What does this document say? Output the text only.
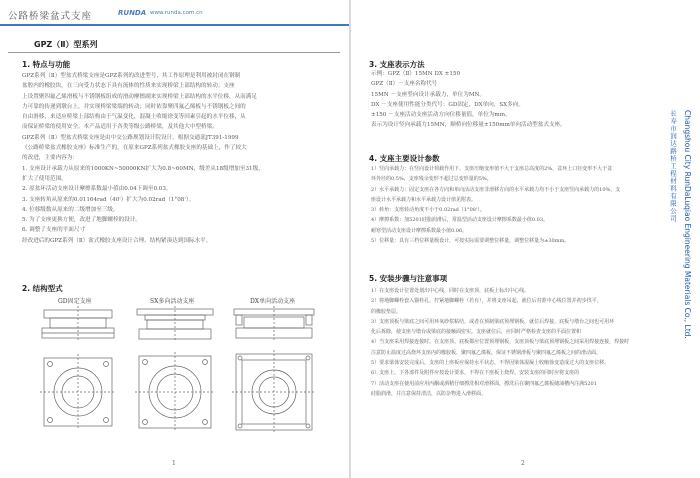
公路桥梁盆式支座	RUNDA www.runda.com.cn
GPZ（Ⅱ）型系列
1. 特点与功能
GPZ系列（Ⅱ）型盆式桥梁支座是GPZ系列的改进型号，其工作原理是利用被封闭在钢制
盆腔内的橡胶块，在三向受力状态下具有流体的性质来实现桥梁上部结构的转动；支座
上设置聚四氟乙烯滑板与不锈钢板组成的滑动摩擦副来实现桥梁上部结构的水平位移，从而满足
力可靠的传递到墩台上，并实现桥梁梁端的转动；同时依靠聚四氟乙烯板与不锈钢板之间的
自由滑移，来适应桥梁上部结构由于气温变化，混凝土收缩徐变等因素引起的水平位移，从
而保证桥梁的使用安全。本产品适用于各类等级公路桥梁，及其他大中型桥梁。
GPZ系列（Ⅱ）型盆式桥梁支座是由中交公路规划设计院设计，根据交通部JT391-1999
《公路桥梁盆式橡胶支座》标准生产的，在原来GPZ系列盆式橡胶支座的基础上，作了较大
的改进，主要内容为：
1. 支座设计承载力从原来的1000KN~50000KN扩大为0.8~60MN，级差从18级增加至31级，
扩大了使用范围。
2. 原盆环活动支座设计摩擦系数最小值由0.04下调至0.03。
3. 支座转角从原来的0.01164rad（40'）扩大为0.02rad（1°08'）。
4. 位移级数从原来的二级增加至三级。
5. 为了支座更换方便，改进了地脚螺栓的设计。
6. 调整了支座的平面尺寸
经改进后的GPZ系列（Ⅱ）盆式橡胶支座设计合理，结构紧凑达到国际水平。
2. 结构型式
GD固定支座	SX多向活动支座	DX单向活动支座
1
3. 支座表示方法
示例：GPZ（Ⅱ）15MN DX ±150
GPZ（Ⅱ）－支座名称代号
15MN －支座竖向设计承载力，单位为MN。
DX －支座使用性能分类代号：GD固定，DX单向，SX多向。
±150 －支座活动支座活动方向位移量值，单位为mm。
表示为设计竖向承载力15MN，顺桥向位移量±150mm单向活动型盆式支座。
4. 支座主要设计参数
1）竖向承载力：在竖向设计荷载作用下，支座压缩变形值不大于支座总高度的2%，盆环上口径变形不大于盆
环外径的0.5%，支座残余变形不超过总变形量的5%。
2）水平承载力：固定支座在各方向和单向活动支座非滑移方向的水平承载力均不小于支座竖向承载力的10%，支
座设计水平承载力和水平承载力设计值见附表。
3）转角：支座转动角度不小于0.02rad（1°08'）。
4）摩擦系数：加5201硅脂润滑后，常温型活动支座设计摩擦系数最小值0.03。
耐寒型活动支座设计摩擦系数最小值0.06。
5）位移量：具有三档位移量级设计，可按实际需要调整位移量，调整位移量为±30mm。
5. 安装步骤与注意事项
1）在支座设计位置处划出中心线，同时在支座顶，底板上标出中心线。
2）将地脚螺栓套入锚栓孔，拧紧地脚螺栓（若有），并将支座吊起，就位后对准中心线位置并初步找平。
的橡胶垫层。
3）支座顶板与梁底之间可用环氧砂浆粘结，或者在预制梁底预埋钢板，就位后焊接，底板与墩台之间也可用环
化后拆除，使支座与墩台或梁底的接触面密实。支座就位后，应同时严格检查支座的平面位置和
4）当支座采用焊接连接时，在支座顶、底板都应位置预埋钢板，支座顶板与梁底预埋钢板之间采用焊接连接，焊接时
注意防止温度过高烧坏支座内的橡胶板、聚四氟乙烯板，保证不锈钢滑板与聚四氟乙烯板之间的滑动面。
5）要求梁体安装完成后，支座的上座板应保持水平状态，不得因梁体混凝土收缩徐变造成过大的支座位移。
6）支座上、下各部件及附件应按设计要求，不得在下座板上烧焊。安装支座的同时应将支座的
7）活动支座在使用前应用丙酮或酒精仔细擦洗相对滑移面，擦洗后在聚四氟乙烯板储油槽内注满5201
硅脂润滑，并注意保持清洁，以防杂物进入滑移面。
2
长寿市润达路桥工程材料有限公司 Changshou City RunDaLuqiao Engineering Materials Co., Ltd.
